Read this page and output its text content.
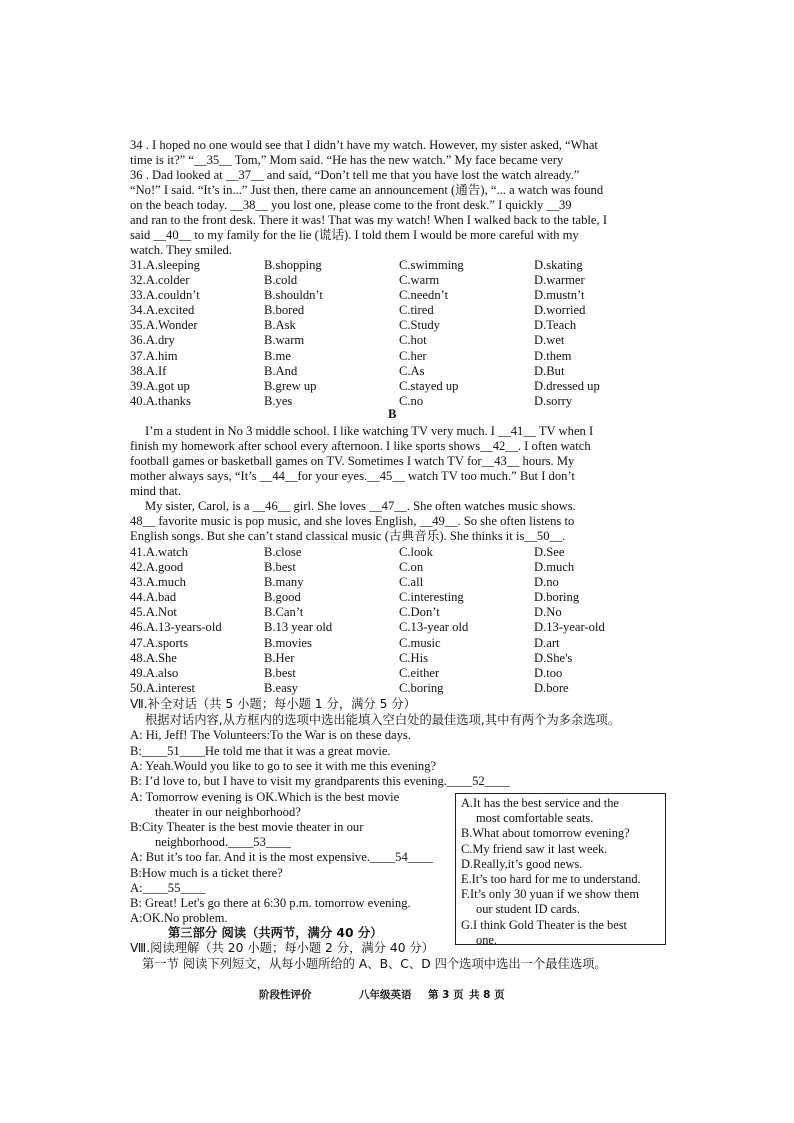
34 . I hoped no one would see that I didn’t have my watch. However, my sister asked, “What
time is it?” “__35__ Tom,” Mom said. “He has the new watch.” My face became very
36 . Dad looked at __37__ and said, “Don’t tell me that you have lost the watch already.”
“No!” I said. “It’s in...” Just then, there came an announcement (通告), “... a watch was found
on the beach today. __38__ you lost one, please come to the front desk.” I quickly __39
and ran to the front desk. There it was! That was my watch! When I walked back to the table, I
said __40__ to my family for the lie (谎话). I told them I would be more careful with my
watch. They smiled.
31.A.sleeping	B.shopping	C.swimming	D.skating
32.A.colder	B.cold	C.warm	D.warmer
33.A.couldn’t	B.shouldn’t	C.needn’t	D.mustn’t
34.A.excited	B.bored	C.tired	D.worried
35.A.Wonder	B.Ask	C.Study	D.Teach
36.A.dry	B.warm	C.hot	D.wet
37.A.him	B.me	C.her	D.them
38.A.If	B.And	C.As	D.But
39.A.got up	B.grew up	C.stayed up	D.dressed up
40.A.thanks	B.yes	C.no	D.sorry
B
I’m a student in No 3 middle school. I like watching TV very much. I __41__ TV when I
finish my homework after school every afternoon. I like sports shows__42__. I often watch
football games or basketball games on TV. Sometimes I watch TV for__43__ hours. My
mother always says, “It’s __44__for your eyes.__45__ watch TV too much.” But I don’t
mind that.
My sister, Carol, is a __46__ girl. She loves __47__. She often watches music shows.
48__ favorite music is pop music, and she loves English, __49__. So she often listens to
English songs. But she can’t stand classical music (古典音乐). She thinks it is__50__.
41.A.watch	B.close	C.look	D.See
42.A.good	B.best	C.on	D.much
43.A.much	B.many	C.all	D.no
44.A.bad	B.good	C.interesting	D.boring
45.A.Not	B.Can’t	C.Don’t	D.No
46.A.13-years-old	B.13 year old	C.13-year old	D.13-year-old
47.A.sports	B.movies	C.music	D.art
48.A.She	B.Her	C.His	D.She's
49.A.also	B.best	C.either	D.too
50.A.interest	B.easy	C.boring	D.bore
Ⅶ.补全对话（共 5 小题；每小题 1 分，满分 5 分）
根据对话内容,从方框内的选项中选出能填入空白处的最佳选项,其中有两个为多余选项。
A: Hi, Jeff! The Volunteers:To the War is on these days.
B:____51____He told me that it was a great movie.
A: Yeah.Would you like to go to see it with me this evening?
B: I’d love to, but I have to visit my grandparents this evening.____52____
A: Tomorrow evening is OK.Which is the best movie
theater in our neighborhood?
B:City Theater is the best movie theater in our
neighborhood.____53____
A: But it’s too far. And it is the most expensive.____54____
B:How much is a ticket there?
A:____55____
B: Great! Let's go there at 6:30 p.m. tomorrow evening.
A:OK.No problem.
A.It has the best service and the
most comfortable seats.
B.What about tomorrow evening?
C.My friend saw it last week.
D.Really,it’s good news.
E.It’s too hard for me to understand.
F.It’s only 30 yuan if we show them
our student ID cards.
G.I think Gold Theater is the best
one.
第三部分 阅读（共两节，满分 40 分）
Ⅷ.阅读理解（共 20 小题；每小题 2 分，满分 40 分）
第一节 阅读下列短文，从每小题所给的 A、B、C、D 四个选项中选出一个最佳选项。
阶段性评价	八年级英语 第 3 页 共 8 页
